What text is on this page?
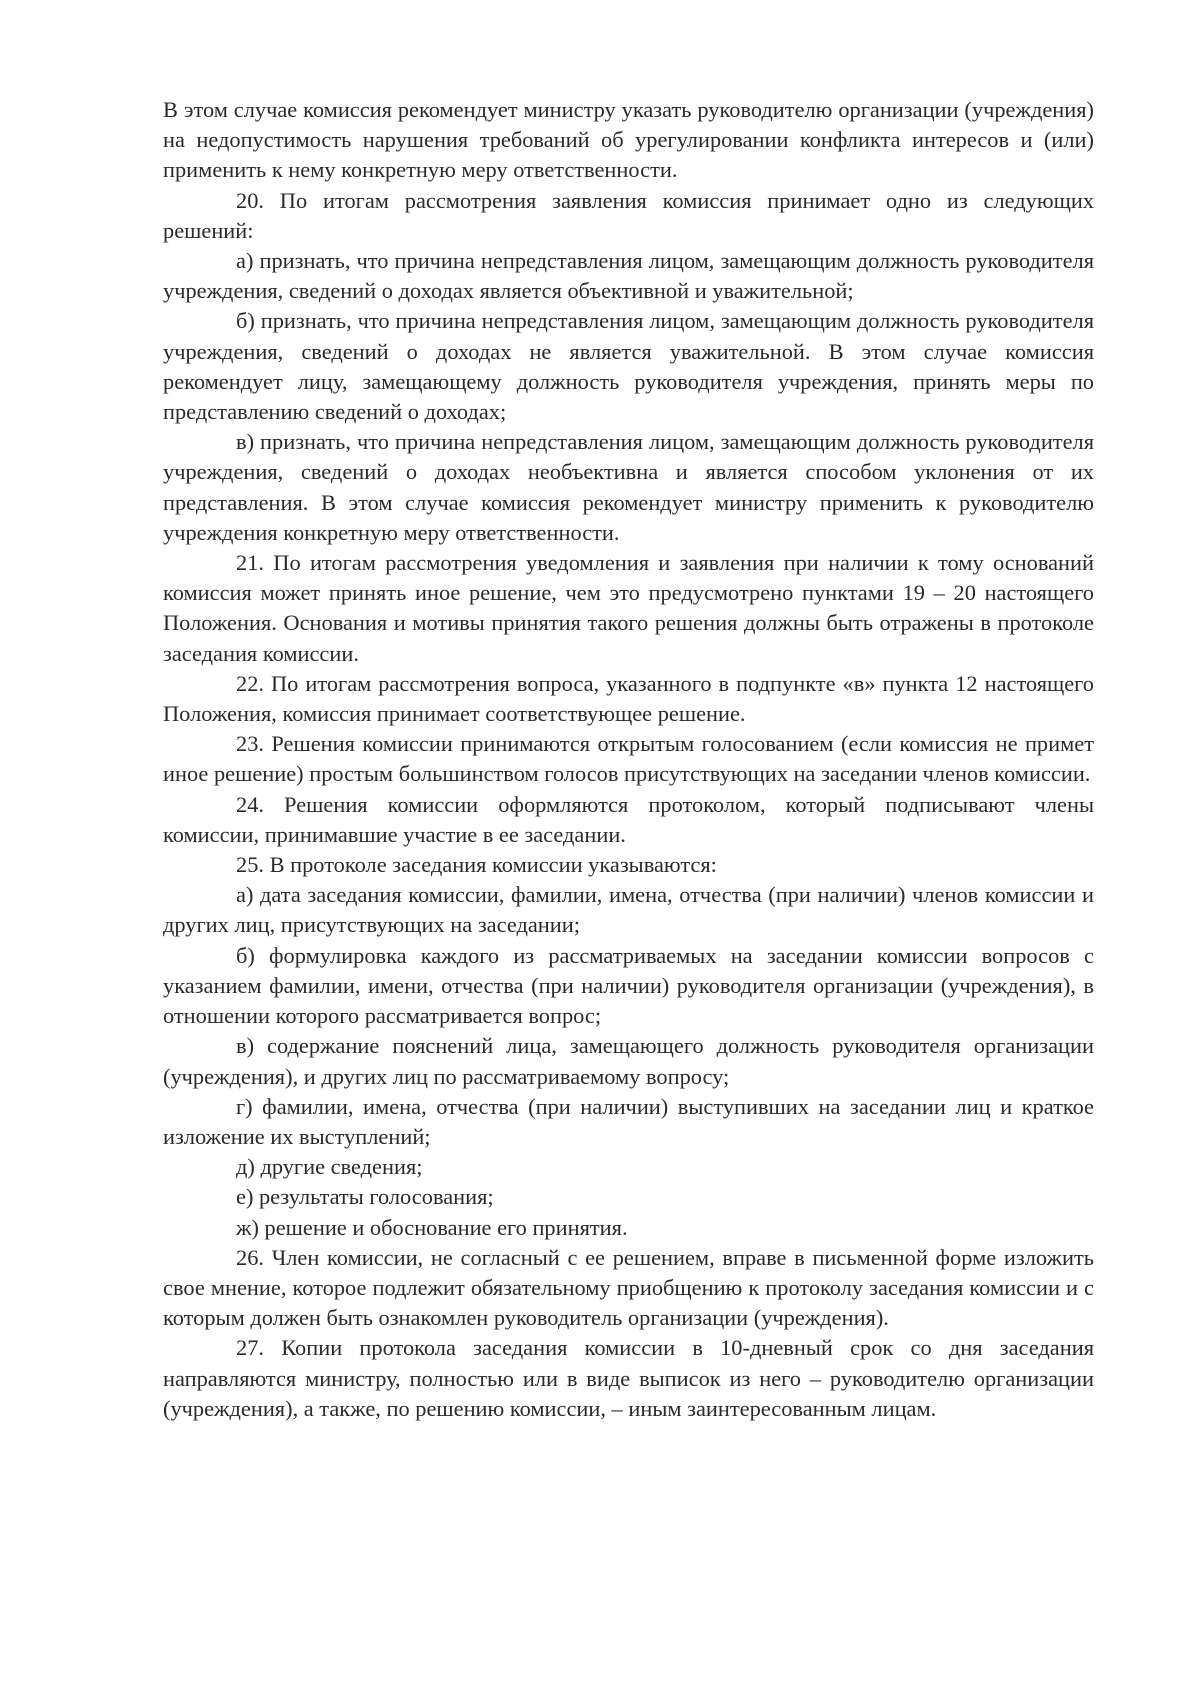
В этом случае комиссия рекомендует министру указать руководителю организации (учреждения) на недопустимость нарушения требований об урегулировании конфликта интересов и (или) применить к нему конкретную меру ответственности.

20. По итогам рассмотрения заявления комиссия принимает одно из следующих решений:

а) признать, что причина непредставления лицом, замещающим должность руководителя учреждения, сведений о доходах является объективной и уважительной;

б) признать, что причина непредставления лицом, замещающим должность руководителя учреждения, сведений о доходах не является уважительной. В этом случае комиссия рекомендует лицу, замещающему должность руководителя учреждения, принять меры по представлению сведений о доходах;

в) признать, что причина непредставления лицом, замещающим должность руководителя учреждения, сведений о доходах необъективна и является способом уклонения от их представления. В этом случае комиссия рекомендует министру применить к руководителю учреждения конкретную меру ответственности.

21. По итогам рассмотрения уведомления и заявления при наличии к тому оснований комиссия может принять иное решение, чем это предусмотрено пунктами 19 – 20 настоящего Положения. Основания и мотивы принятия такого решения должны быть отражены в протоколе заседания комиссии.

22. По итогам рассмотрения вопроса, указанного в подпункте «в» пункта 12 настоящего Положения, комиссия принимает соответствующее решение.

23. Решения комиссии принимаются открытым голосованием (если комиссия не примет иное решение) простым большинством голосов присутствующих на заседании членов комиссии.

24. Решения комиссии оформляются протоколом, который подписывают члены комиссии, принимавшие участие в ее заседании.

25. В протоколе заседания комиссии указываются:

а) дата заседания комиссии, фамилии, имена, отчества (при наличии) членов комиссии и других лиц, присутствующих на заседании;

б) формулировка каждого из рассматриваемых на заседании комиссии вопросов с указанием фамилии, имени, отчества (при наличии) руководителя организации (учреждения), в отношении которого рассматривается вопрос;

в) содержание пояснений лица, замещающего должность руководителя организации (учреждения), и других лиц по рассматриваемому вопросу;

г) фамилии, имена, отчества (при наличии) выступивших на заседании лиц и краткое изложение их выступлений;

д) другие сведения;

е) результаты голосования;

ж) решение и обоснование его принятия.

26. Член комиссии, не согласный с ее решением, вправе в письменной форме изложить свое мнение, которое подлежит обязательному приобщению к протоколу заседания комиссии и с которым должен быть ознакомлен руководитель организации (учреждения).

27. Копии протокола заседания комиссии в 10-дневный срок со дня заседания направляются министру, полностью или в виде выписок из него – руководителю организации (учреждения), а также, по решению комиссии, – иным заинтересованным лицам.
